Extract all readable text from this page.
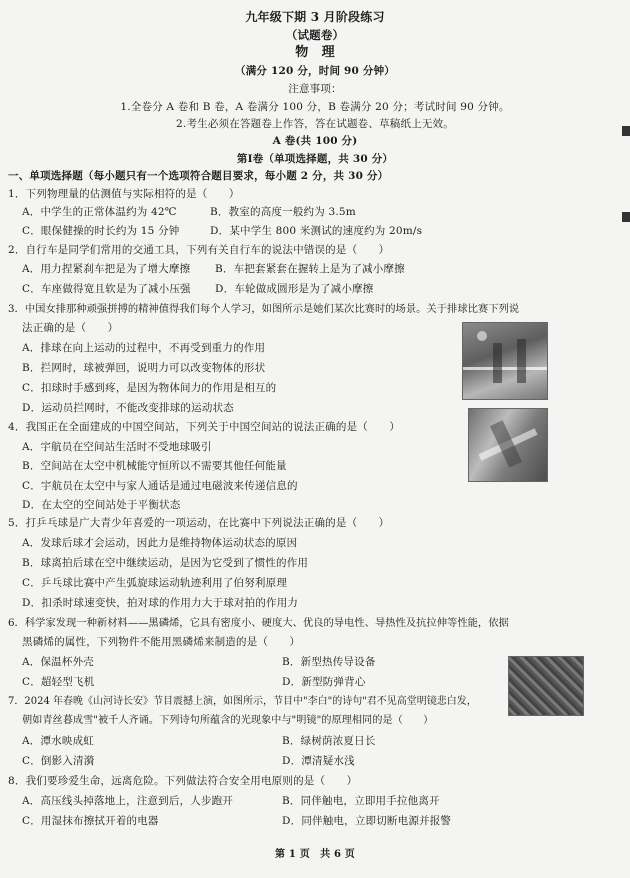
九年级下期 3 月阶段练习
（试题卷）
物　理
（满分 120 分，时间 90 分钟）
注意事项：
1.全卷分 A 卷和 B 卷，A 卷满分 100 分，B 卷满分 20 分；考试时间 90 分钟。
2.考生必须在答题卷上作答，答在试题卷、草稿纸上无效。
A 卷(共 100 分)
第Ⅰ卷（单项选择题，共 30 分）
一、单项选择题（每小题只有一个选项符合题目要求，每小题 2 分，共 30 分）
1．下列物理量的估测值与实际相符的是（　　）
A．中学生的正常体温约为 42℃	B．教室的高度一般约为 3.5m
C．眼保健操的时长约为 15 分钟	D．某中学生 800 米测试的速度约为 20m/s
2．自行车是同学们常用的交通工具，下列有关自行车的说法中错误的是（　　）
A．用力捏紧刹车把是为了增大摩擦 B．车把套紧套在握转上是为了减小摩擦
C．车座做得宽且软是为了减小压强 D．车轮做成圆形是为了减小摩擦
3．中国女排那种顽强拼搏的精神值得我们每个人学习，如图所示是她们某次比赛时的场景。关于排球比赛下列说
法正确的是（　　）
A．排球在向上运动的过程中，不再受到重力的作用
B．拦网时，球被弹回，说明力可以改变物体的形状
C．扣球时手感到疼，是因为物体间力的作用是相互的
D．运动员拦网时，不能改变排球的运动状态
4．我国正在全面建成的中国空间站，下列关于中国空间站的说法正确的是（　　）
A．宇航员在空间站生活时不受地球吸引
B．空间站在太空中机械能守恒所以不需要其他任何能量
C．宇航员在太空中与家人通话是通过电磁波来传递信息的
D．在太空的空间站处于平衡状态
5．打乒乓球是广大青少年喜爱的一项运动，在比赛中下列说法正确的是（　　）
A．发球后球才会运动，因此力是维持物体运动状态的原因
B．球离拍后球在空中继续运动，是因为它受到了惯性的作用
C．乒乓球比赛中产生弧旋球运动轨迹利用了伯努利原理
D．扣杀时球速变快，拍对球的作用力大于球对拍的作用力
6．科学家发现一种新材料——黑磷烯，它具有密度小、硬度大、优良的导电性、导热性及抗拉伸等性能，依据
黑磷烯的属性，下列物件不能用黑磷烯来制造的是（　　）
A．保温杯外壳	B．新型热传导设备
C．超轻型飞机	D．新型防弹背心
7．2024 年春晚《山河诗长安》节目震撼上演，如图所示，节目中"李白"的诗句"君不见高堂明镜悲白发，
朝如青丝暮成雪"被千人齐诵。下列诗句所蕴含的光现象中与"明镜"的原理相同的是（　　）
A．潭水映成虹	B．绿树荫浓夏日长
C．倒影入清漪	D．潭清疑水浅
8．我们要珍爱生命，远离危险。下列做法符合安全用电原则的是（　　）
A．高压线头掉落地上，注意到后，人步跑开	B．同伴触电，立即用手拉他离开
C．用湿抹布擦拭开着的电器	D．同伴触电，立即切断电源并报警
第 1 页　共 6 页
